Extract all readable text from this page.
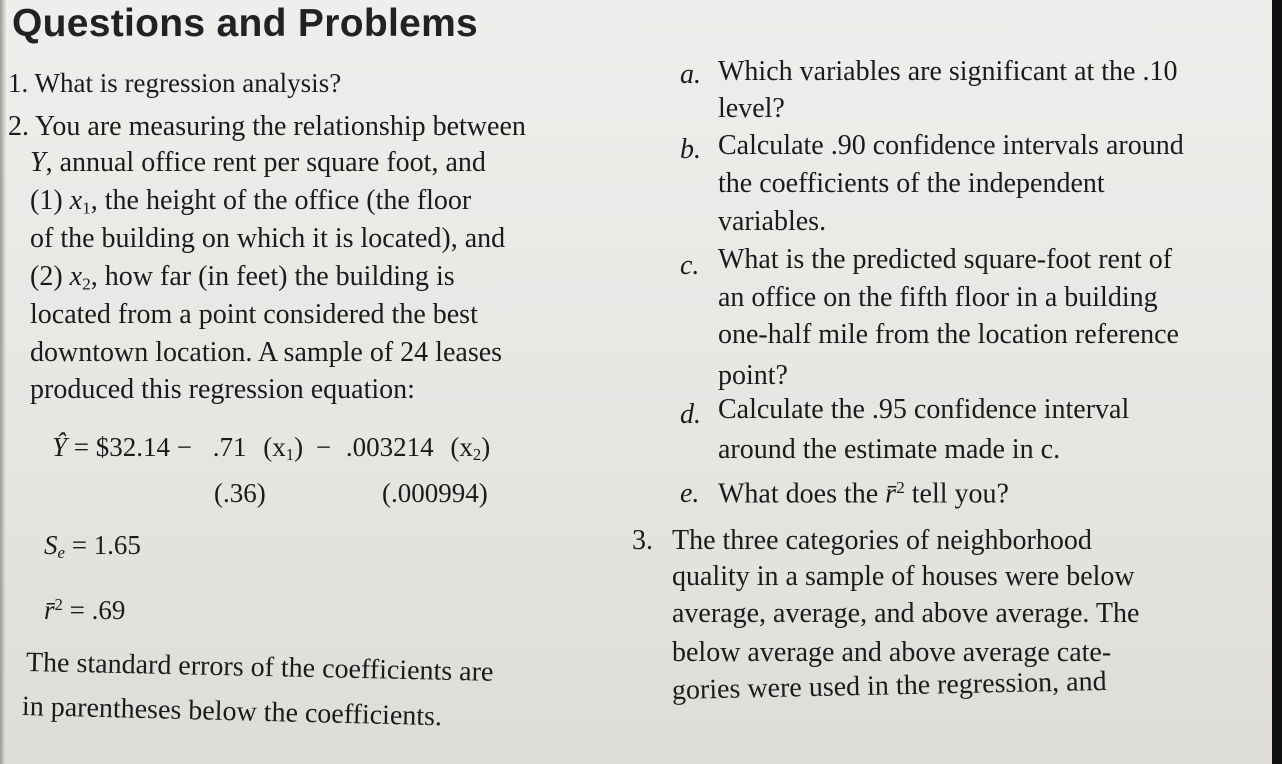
Questions and Problems
1. What is regression analysis?
2. You are measuring the relationship between
Y, annual office rent per square foot, and
(1) $x_1$, the height of the office (the floor
of the building on which it is located), and
(2) $x_2$, how far (in feet) the building is
located from a point considered the best
downtown location. A sample of 24 leases
produced this regression equation:
Ŷ = $32.14 − .71 $(x_1) - .003214$ $(x_2)$
(.36)	(.000994)
$S_e = 1.65$
r̄$^2$ = .69
The standard errors of the coefficients are
in parentheses below the coefficients.
a. Which variables are significant at the .10
level?
b. Calculate .90 confidence intervals around
the coefficients of the independent
variables.
c. What is the predicted square-foot rent of
an office on the fifth floor in a building
one-half mile from the location reference
point?
d. Calculate the .95 confidence interval
around the estimate made in c.
e. What does the r̄$^2$ tell you?
3. The three categories of neighborhood
quality in a sample of houses were below
average, average, and above average. The
below average and above average cate-
gories were used in the regression, and
